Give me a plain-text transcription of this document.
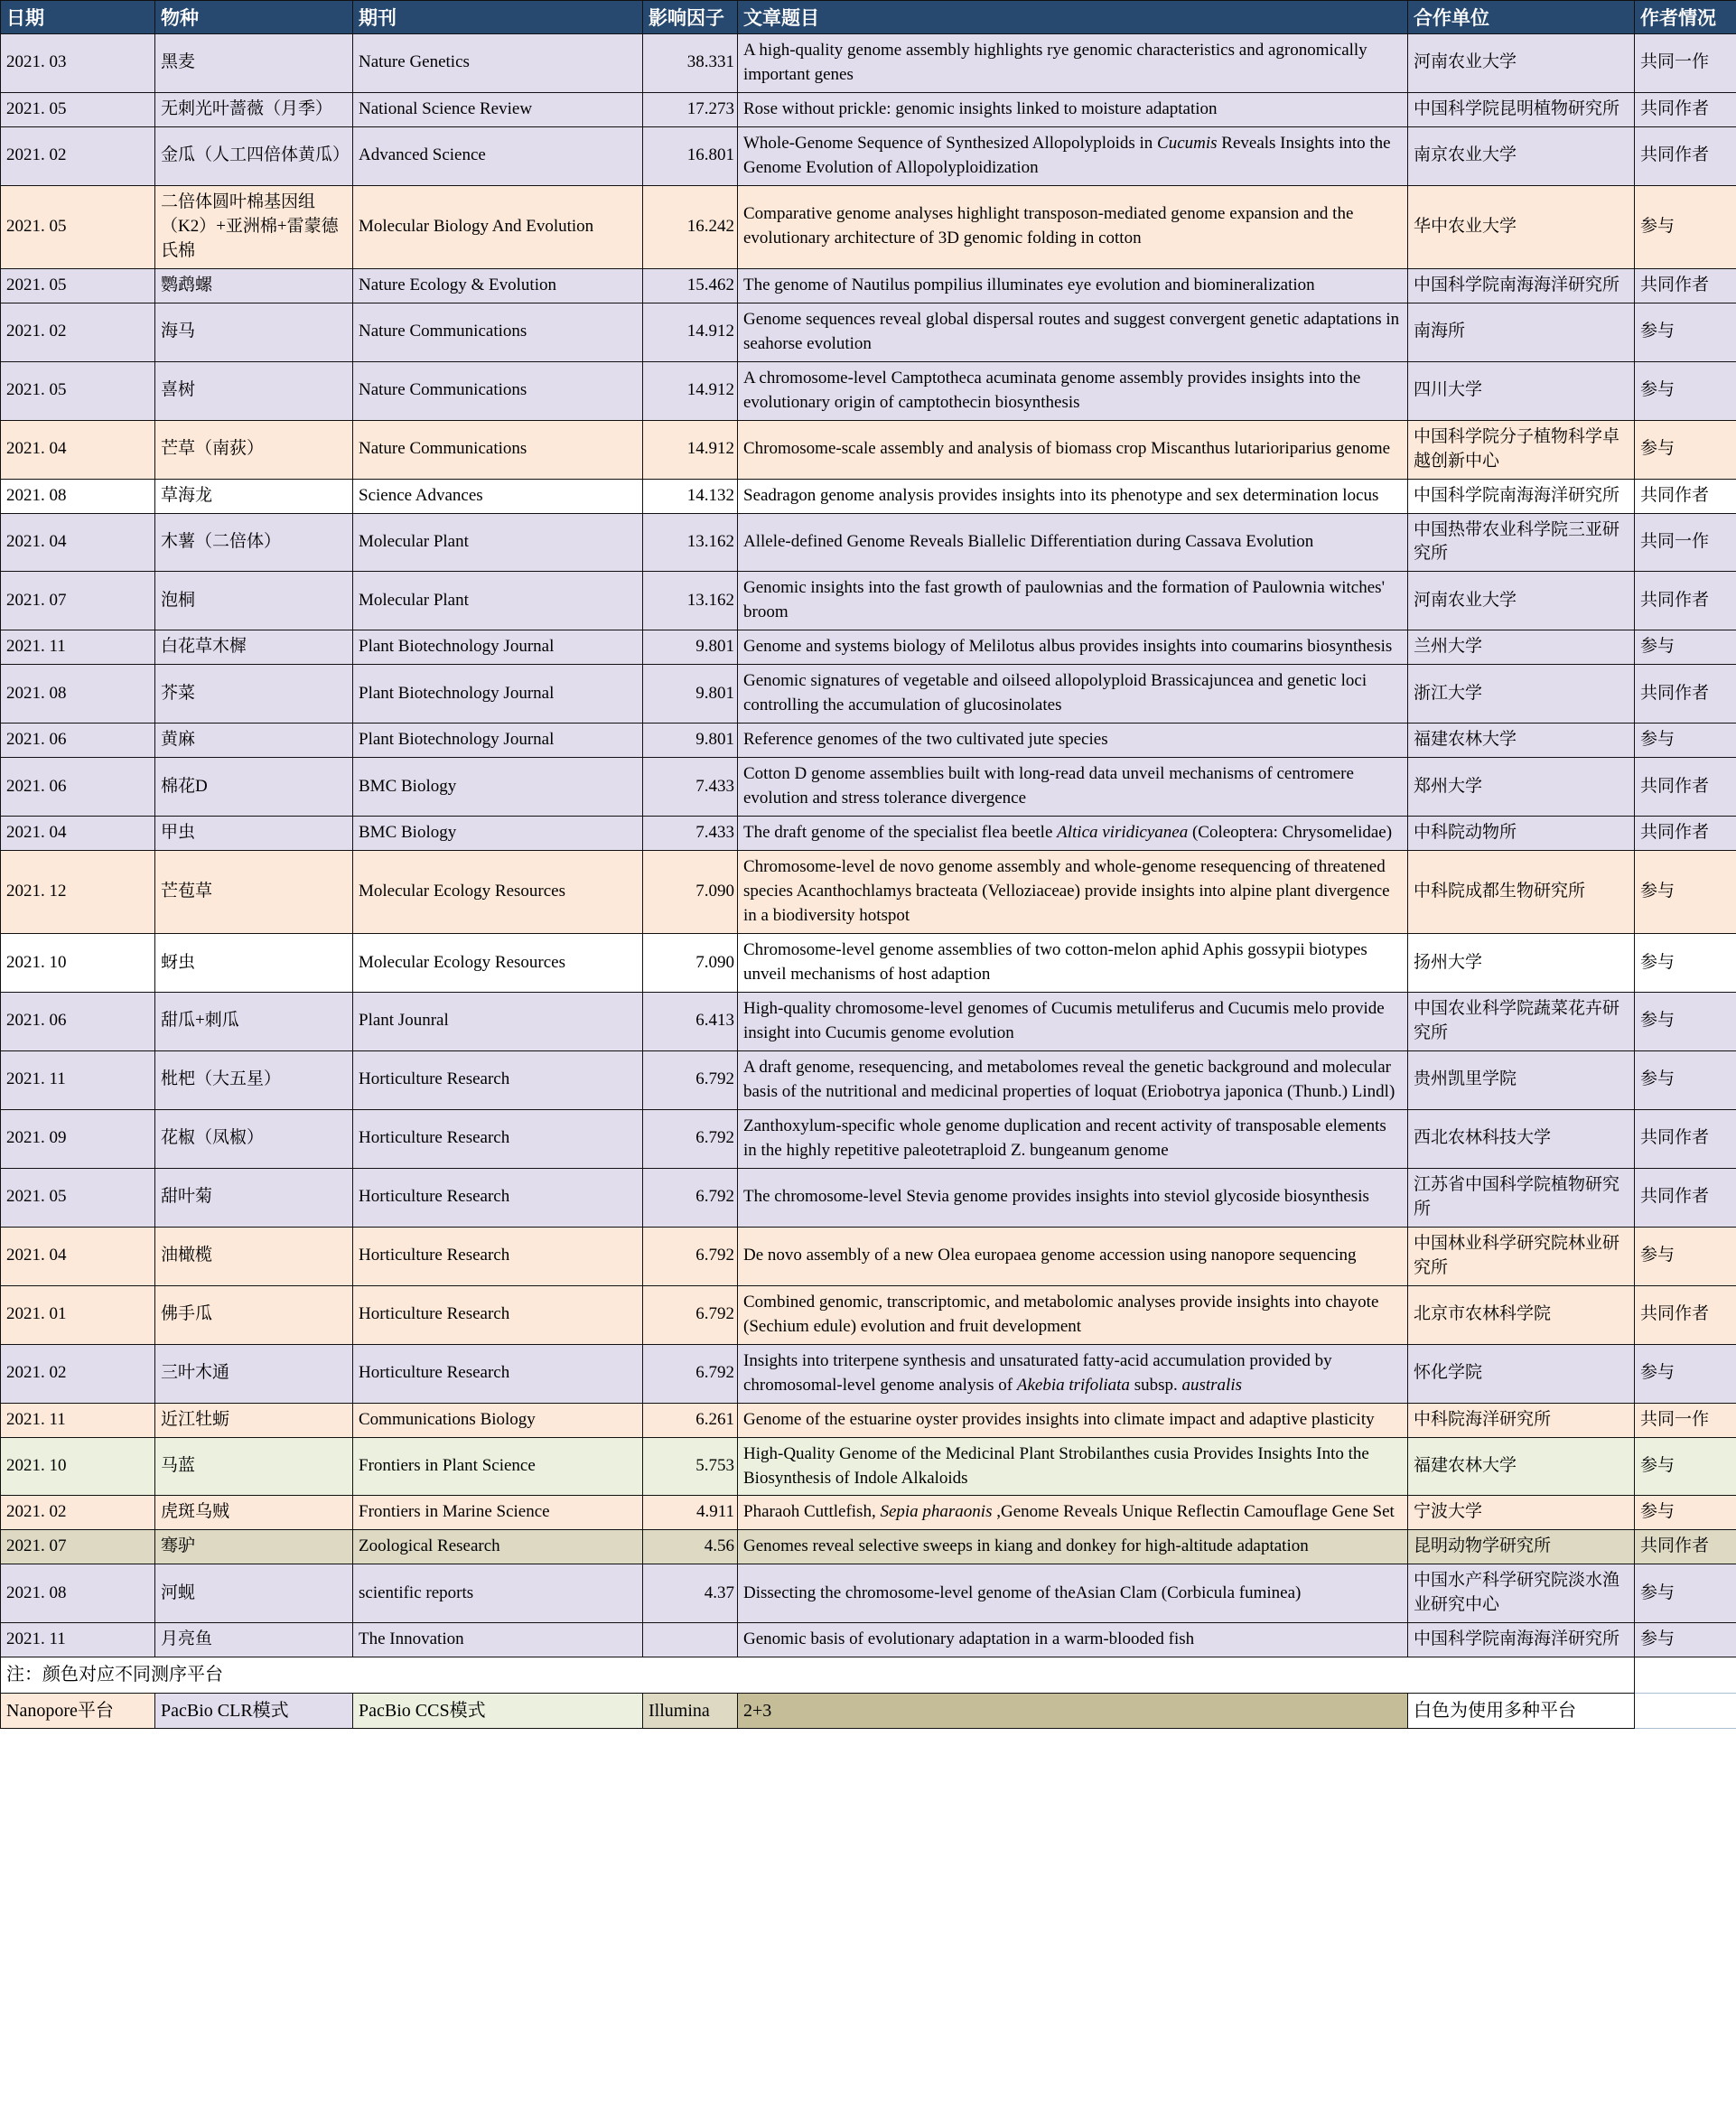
日期	物种	期刊	影响因子	文章题目	合作单位	作者情况
2021. 03	黑麦	Nature Genetics	38.331	A high-quality genome assembly highlights rye genomic characteristics and agronomically important genes	河南农业大学	共同一作
2021. 05	无刺光叶蔷薇（月季）	National Science Review	17.273	Rose without prickle: genomic insights linked to moisture adaptation	中国科学院昆明植物研究所	共同作者
2021. 02	金瓜（人工四倍体黄瓜）	Advanced Science	16.801	Whole-Genome Sequence of Synthesized Allopolyploids in Cucumis Reveals Insights into the Genome Evolution of Allopolyploidization	南京农业大学	共同作者
2021. 05	二倍体圆叶棉基因组（K2）+亚洲棉+雷蒙德氏棉	Molecular Biology And Evolution	16.242	Comparative genome analyses highlight transposon-mediated genome expansion and the evolutionary architecture of 3D genomic folding in cotton	华中农业大学	参与
2021. 05	鹦鹉螺	Nature Ecology & Evolution	15.462	The genome of Nautilus pompilius illuminates eye evolution and biomineralization	中国科学院南海海洋研究所	共同作者
2021. 02	海马	Nature Communications	14.912	Genome sequences reveal global dispersal routes and suggest convergent genetic adaptations in seahorse evolution	南海所	参与
2021. 05	喜树	Nature Communications	14.912	A chromosome-level Camptotheca acuminata genome assembly provides insights into the evolutionary origin of camptothecin biosynthesis	四川大学	参与
2021. 04	芒草（南荻）	Nature Communications	14.912	Chromosome-scale assembly and analysis of biomass crop Miscanthus lutarioriparius genome	中国科学院分子植物科学卓越创新中心	参与
2021. 08	草海龙	Science Advances	14.132	Seadragon genome analysis provides insights into its phenotype and sex determination locus	中国科学院南海海洋研究所	共同作者
2021. 04	木薯（二倍体）	Molecular Plant	13.162	Allele-defined Genome Reveals Biallelic Differentiation during Cassava Evolution	中国热带农业科学院三亚研究所	共同一作
2021. 07	泡桐	Molecular Plant	13.162	Genomic insights into the fast growth of paulownias and the formation of Paulownia witches' broom	河南农业大学	共同作者
2021. 11	白花草木樨	Plant Biotechnology Journal	9.801	Genome and systems biology of Melilotus albus provides insights into coumarins biosynthesis	兰州大学	参与
2021. 08	芥菜	Plant Biotechnology Journal	9.801	Genomic signatures of vegetable and oilseed allopolyploid Brassicajuncea and genetic loci controlling the accumulation of glucosinolates	浙江大学	共同作者
2021. 06	黄麻	Plant Biotechnology Journal	9.801	Reference genomes of the two cultivated jute species	福建农林大学	参与
2021. 06	棉花D	BMC Biology	7.433	Cotton D genome assemblies built with long-read data unveil mechanisms of centromere evolution and stress tolerance divergence	郑州大学	共同作者
2021. 04	甲虫	BMC Biology	7.433	The draft genome of the specialist flea beetle Altica viridicyanea (Coleoptera: Chrysomelidae)	中科院动物所	共同作者
2021. 12	芒苞草	Molecular Ecology Resources	7.090	Chromosome-level de novo genome assembly and whole-genome resequencing of threatened species Acanthochlamys bracteata (Velloziaceae) provide insights into alpine plant divergence in a biodiversity hotspot	中科院成都生物研究所	参与
2021. 10	蚜虫	Molecular Ecology Resources	7.090	Chromosome-level genome assemblies of two cotton-melon aphid Aphis gossypii biotypes unveil mechanisms of host adaption	扬州大学	参与
2021. 06	甜瓜+刺瓜	Plant Jounral	6.413	High-quality chromosome-level genomes of Cucumis metuliferus and Cucumis melo provide insight into Cucumis genome evolution	中国农业科学院蔬菜花卉研究所	参与
2021. 11	枇杷（大五星）	Horticulture Research	6.792	A draft genome, resequencing, and metabolomes reveal the genetic background and molecular basis of the nutritional and medicinal properties of loquat (Eriobotrya japonica (Thunb.) Lindl)	贵州凯里学院	参与
2021. 09	花椒（凤椒）	Horticulture Research	6.792	Zanthoxylum-specific whole genome duplication and recent activity of transposable elements in the highly repetitive paleotetraploid Z. bungeanum genome	西北农林科技大学	共同作者
2021. 05	甜叶菊	Horticulture Research	6.792	The chromosome-level Stevia genome provides insights into steviol glycoside biosynthesis	江苏省中国科学院植物研究所	共同作者
2021. 04	油橄榄	Horticulture Research	6.792	De novo assembly of a new Olea europaea genome accession using nanopore sequencing	中国林业科学研究院林业研究所	参与
2021. 01	佛手瓜	Horticulture Research	6.792	Combined genomic, transcriptomic, and metabolomic analyses provide insights into chayote (Sechium edule) evolution and fruit development	北京市农林科学院	共同作者
2021. 02	三叶木通	Horticulture Research	6.792	Insights into triterpene synthesis and unsaturated fatty-acid accumulation provided by chromosomal-level genome analysis of Akebia trifoliata subsp. australis	怀化学院	参与
2021. 11	近江牡蛎	Communications Biology	6.261	Genome of the estuarine oyster provides insights into climate impact and adaptive plasticity	中科院海洋研究所	共同一作
2021. 10	马蓝	Frontiers in Plant Science	5.753	High-Quality Genome of the Medicinal Plant Strobilanthes cusia Provides Insights Into the Biosynthesis of Indole Alkaloids	福建农林大学	参与
2021. 02	虎斑乌贼	Frontiers in Marine Science	4.911	Pharaoh Cuttlefish, Sepia pharaonis ,Genome Reveals Unique Reflectin Camouflage Gene Set	宁波大学	参与
2021. 07	骞驴	Zoological Research	4.56	Genomes reveal selective sweeps in kiang and donkey for high-altitude adaptation	昆明动物学研究所	共同作者
2021. 08	河蚬	scientific reports	4.37	Dissecting the chromosome-level genome of theAsian Clam (Corbicula fuminea)	中国水产科学研究院淡水渔业研究中心	参与
2021. 11	月亮鱼	The Innovation		Genomic basis of evolutionary adaptation in a warm-blooded fish	中国科学院南海海洋研究所	参与
注：颜色对应不同测序平台						
Nanopore平台	PacBio CLR模式	PacBio CCS模式	Illumina	2+3	白色为使用多种平台	
